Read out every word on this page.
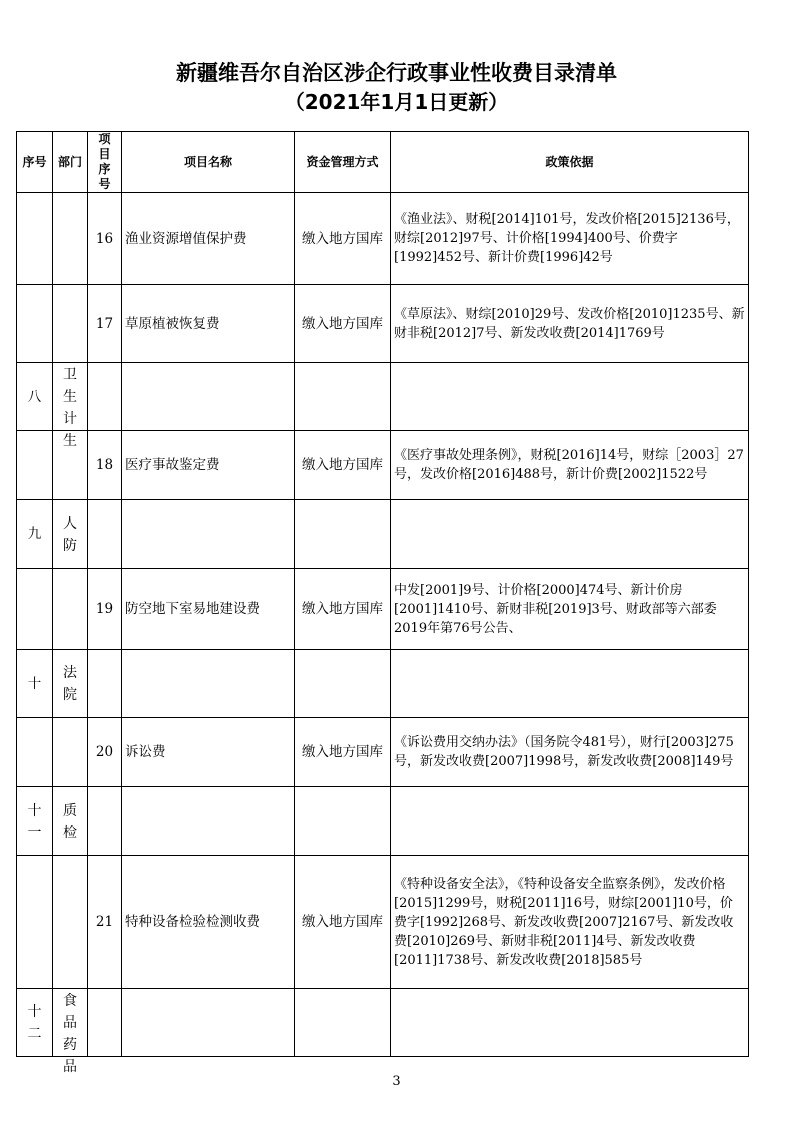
新疆维吾尔自治区涉企行政事业性收费目录清单
（2021年1月1日更新）
序号	部门	项目序号	项目名称	资金管理方式	政策依据
		16	渔业资源增值保护费	缴入地方国库	《渔业法》、财税[2014]101号，发改价格[2015]2136号，财综[2012]97号、计价格[1994]400号、价费字[1992]452号、新计价费[1996]42号
		17	草原植被恢复费	缴入地方国库	《草原法》、财综[2010]29号、发改价格[2010]1235号、新财非税[2012]7号、新发改收费[2014]1769号
八	卫生计生				

		18	医疗事故鉴定费	缴入地方国库	《医疗事故处理条例》，财税[2016]14号，财综［2003］27号，发改价格[2016]488号，新计价费[2002]1522号
九	人防				

		19	防空地下室易地建设费	缴入地方国库	中发[2001]9号、计价格[2000]474号、新计价房[2001]1410号、新财非税[2019]3号、财政部等六部委2019年第76号公告、
十	法院				

		20	诉讼费	缴入地方国库	《诉讼费用交纳办法》（国务院令481号），财行[2003]275号，新发改收费[2007]1998号，新发改收费[2008]149号

十一	质检				

		21	特种设备检验检测收费	缴入地方国库	《特种设备安全法》，《特种设备安全监察条例》，发改价格[2015]1299号，财税[2011]16号，财综[2001]10号，价费字[1992]268号、新发改收费[2007]2167号、新发改收费[2010]269号、新财非税[2011]4号、新发改收费[2011]1738号、新发改收费[2018]585号

十二	食品药品				

3
